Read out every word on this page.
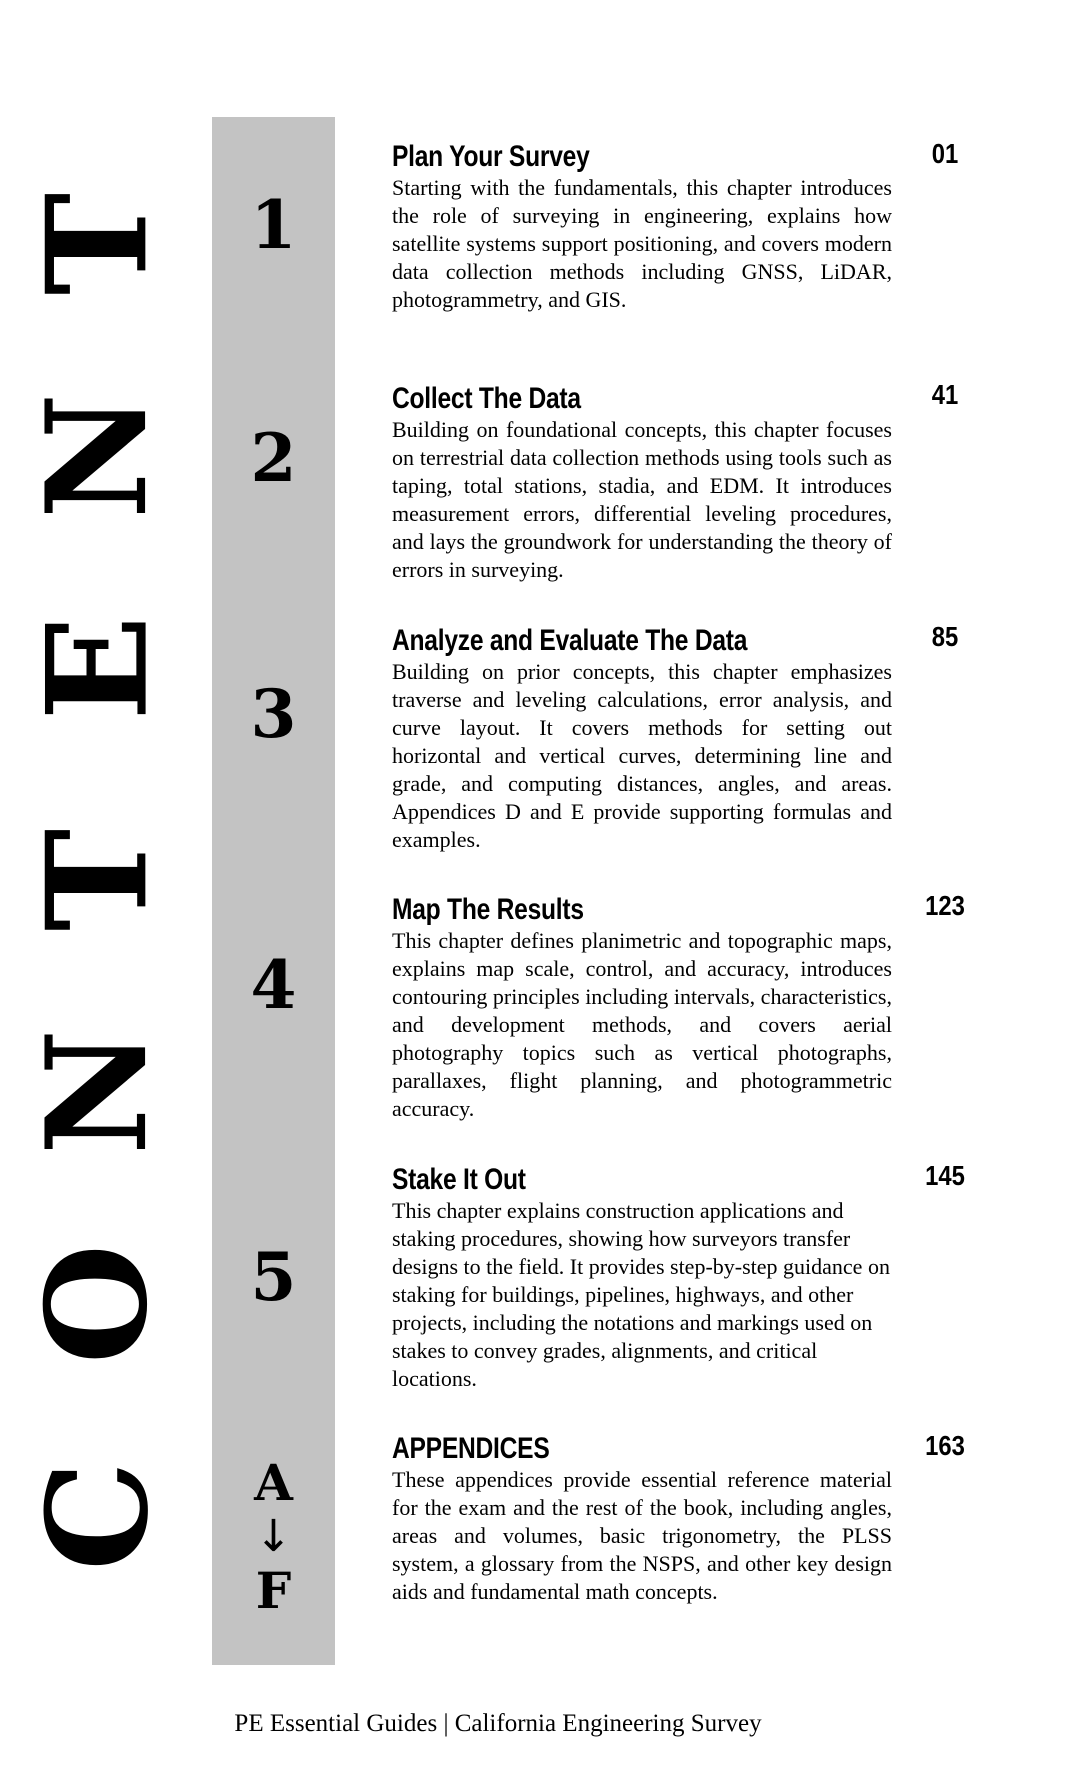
C
O
N
T
E
N
T	1
2
3
4
5
A
↓
F
Plan Your Survey

Starting with the fundamentals, this chapter introduces the role of surveying in engineering, explains how satellite systems support positioning, and covers modern data collection methods including GNSS, LiDAR, photogrammetry, and GIS.

01
Collect The Data

Building on foundational concepts, this chapter focuses on terrestrial data collection methods using tools such as taping, total stations, stadia, and EDM. It introduces measurement errors, differential leveling procedures, and lays the groundwork for understanding the theory of errors in surveying.

41
Analyze and Evaluate The Data

Building on prior concepts, this chapter emphasizes traverse and leveling calculations, error analysis, and curve layout. It covers methods for setting out horizontal and vertical curves, determining line and grade, and computing distances, angles, and areas. Appendices D and E provide supporting formulas and examples.

85
Map The Results

This chapter defines planimetric and topographic maps, explains map scale, control, and accuracy, introduces contouring principles including intervals, characteristics, and development methods, and covers aerial photography topics such as vertical photographs, parallaxes, flight planning, and photogrammetric accuracy.

123
Stake It Out

This chapter explains construction applications and staking procedures, showing how surveyors transfer designs to the field. It provides step-by-step guidance on staking for buildings, pipelines, highways, and other projects, including the notations and markings used on stakes to convey grades, alignments, and critical locations.

145
APPENDICES

These appendices provide essential reference material for the exam and the rest of the book, including angles, areas and volumes, basic trigonometry, the PLSS system, a glossary from the NSPS, and other key design aids and fundamental math concepts.

163
PE Essential Guides | California Engineering Survey
